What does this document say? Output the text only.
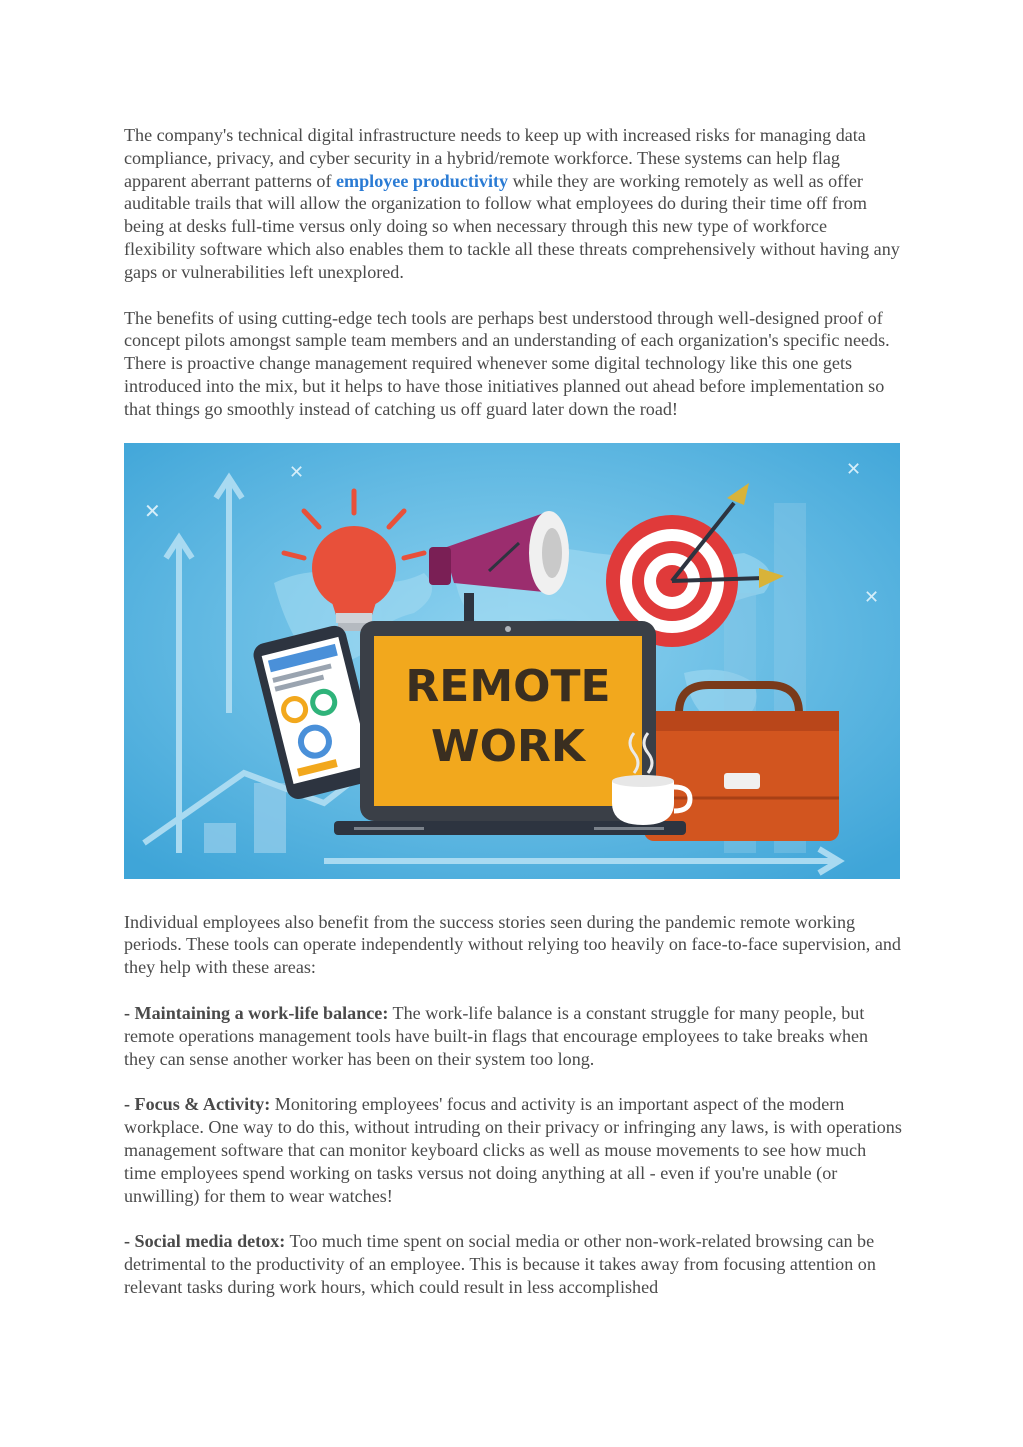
The company's technical digital infrastructure needs to keep up with increased risks for managing data compliance, privacy, and cyber security in a hybrid/remote workforce. These systems can help flag apparent aberrant patterns of employee productivity while they are working remotely as well as offer auditable trails that will allow the organization to follow what employees do during their time off from being at desks full-time versus only doing so when necessary through this new type of workforce flexibility software which also enables them to tackle all these threats comprehensively without having any gaps or vulnerabilities left unexplored.

The benefits of using cutting-edge tech tools are perhaps best understood through well-designed proof of concept pilots amongst sample team members and an understanding of each organization's specific needs. There is proactive change management required whenever some digital technology like this one gets introduced into the mix, but it helps to have those initiatives planned out ahead before implementation so that things go smoothly instead of catching us off guard later down the road!

✕
✕	✕
✕
REMOTE
WORK

Individual employees also benefit from the success stories seen during the pandemic remote working periods. These tools can operate independently without relying too heavily on face-to-face supervision, and they help with these areas:

- Maintaining a work-life balance: The work-life balance is a constant struggle for many people, but remote operations management tools have built-in flags that encourage employees to take breaks when they can sense another worker has been on their system too long.

- Focus & Activity: Monitoring employees' focus and activity is an important aspect of the modern workplace. One way to do this, without intruding on their privacy or infringing any laws, is with operations management software that can monitor keyboard clicks as well as mouse movements to see how much time employees spend working on tasks versus not doing anything at all - even if you're unable (or unwilling) for them to wear watches!

- Social media detox: Too much time spent on social media or other non-work-related browsing can be detrimental to the productivity of an employee. This is because it takes away from focusing attention on relevant tasks during work hours, which could result in less accomplished
